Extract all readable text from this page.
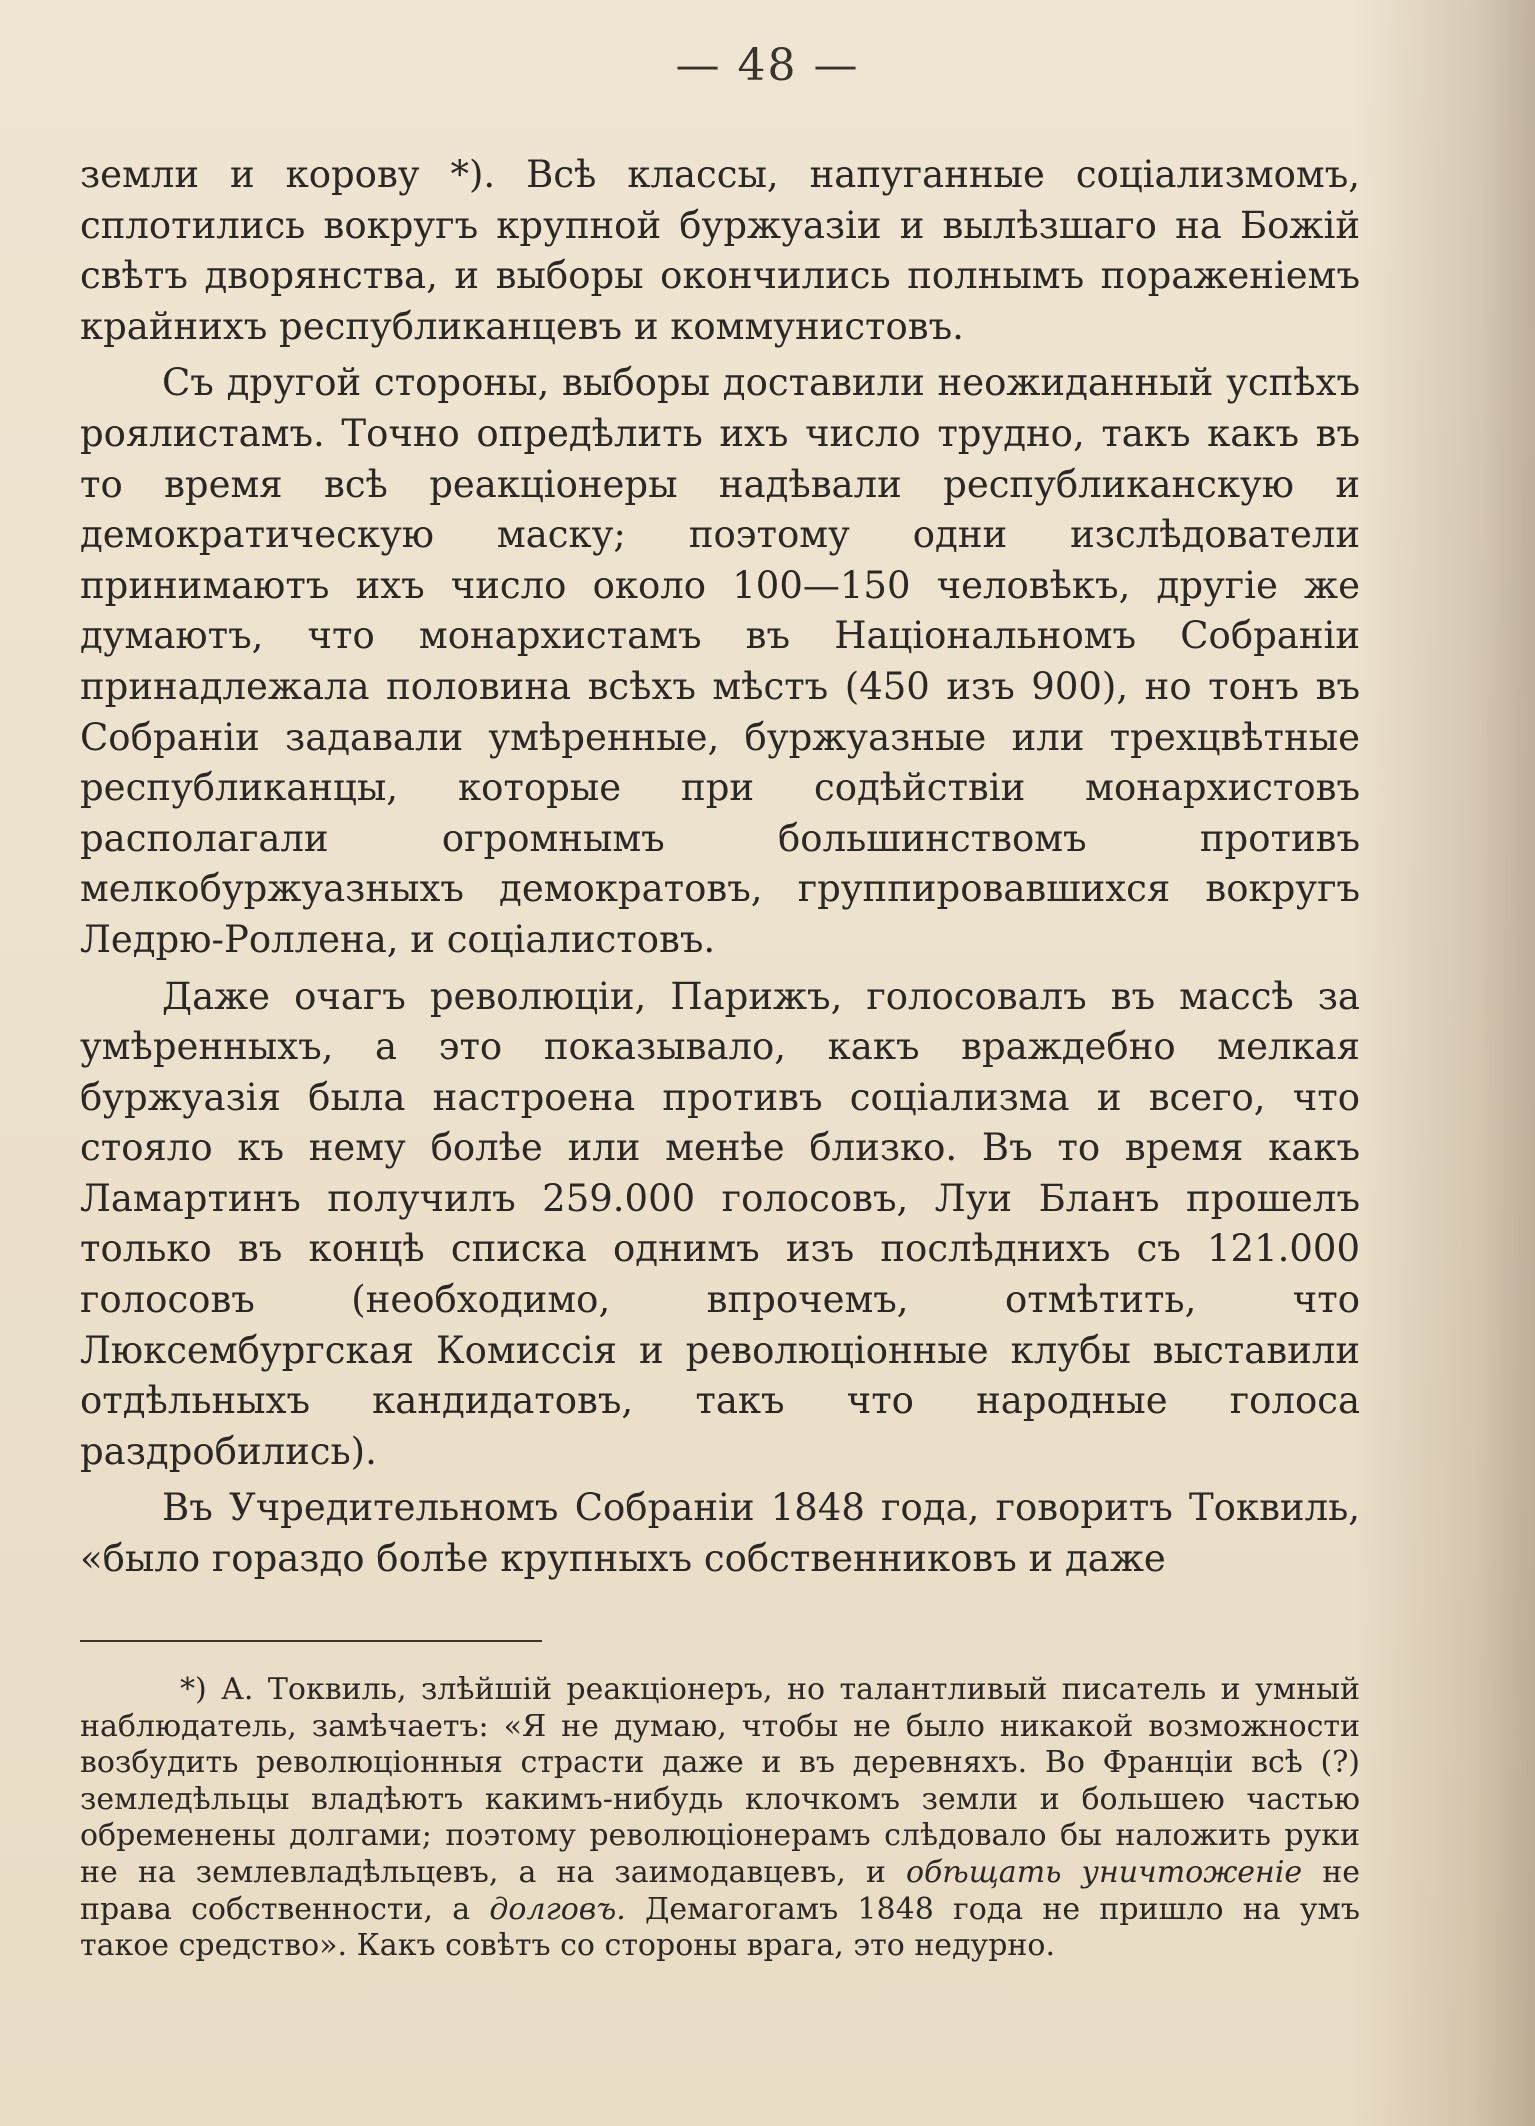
— 48 —

земли и корову *). Всѣ классы, напуганные соціализмомъ, сплотились вокругъ крупной буржуазіи и вылѣзшаго на Божій свѣтъ дворянства, и выборы окончились полнымъ пораженіемъ крайнихъ республиканцевъ и коммунистовъ.

Съ другой стороны, выборы доставили неожиданный успѣхъ роялистамъ. Точно опредѣлить ихъ число трудно, такъ какъ въ то время всѣ реакціонеры надѣвали республиканскую и демократическую маску; поэтому одни изслѣдователи принимаютъ ихъ число около 100—150 человѣкъ, другіе же думаютъ, что монархистамъ въ Національномъ Собраніи принадлежала половина всѣхъ мѣстъ (450 изъ 900), но тонъ въ Собраніи задавали умѣренные, буржуазные или трехцвѣтные республиканцы, которые при содѣйствіи монархистовъ располагали огромнымъ большинствомъ противъ мелкобуржуазныхъ демократовъ, группировавшихся вокругъ Ледрю-Роллена, и соціалистовъ.

Даже очагъ революціи, Парижъ, голосовалъ въ массѣ за умѣренныхъ, а это показывало, какъ враждебно мелкая буржуазія была настроена противъ соціализма и всего, что стояло къ нему болѣе или менѣе близко. Въ то время какъ Ламартинъ получилъ 259.000 голосовъ, Луи Бланъ прошелъ только въ концѣ списка однимъ изъ послѣднихъ съ 121.000 голосовъ (необходимо, впрочемъ, отмѣтить, что Люксембургская Комиссія и революціонные клубы выставили отдѣльныхъ кандидатовъ, такъ что народные голоса раздробились).

Въ Учредительномъ Собраніи 1848 года, говоритъ Токвиль, «было гораздо болѣе крупныхъ собственниковъ и даже

*) А. Токвиль, злѣйшій реакціонеръ, но талантливый писатель и умный наблюдатель, замѣчаетъ: «Я не думаю, чтобы не было никакой возможности возбудить революціонныя страсти даже и въ деревняхъ. Во Франціи всѣ (?) земледѣльцы владѣютъ какимъ-нибудь клочкомъ земли и большею частью обременены долгами; поэтому революціонерамъ слѣдовало бы наложить руки не на землевладѣльцевъ, а на заимодавцевъ, и обѣщать уничтоженіе не права собственности, а долговъ. Демагогамъ 1848 года не пришло на умъ такое средство». Какъ совѣтъ со стороны врага, это недурно.
